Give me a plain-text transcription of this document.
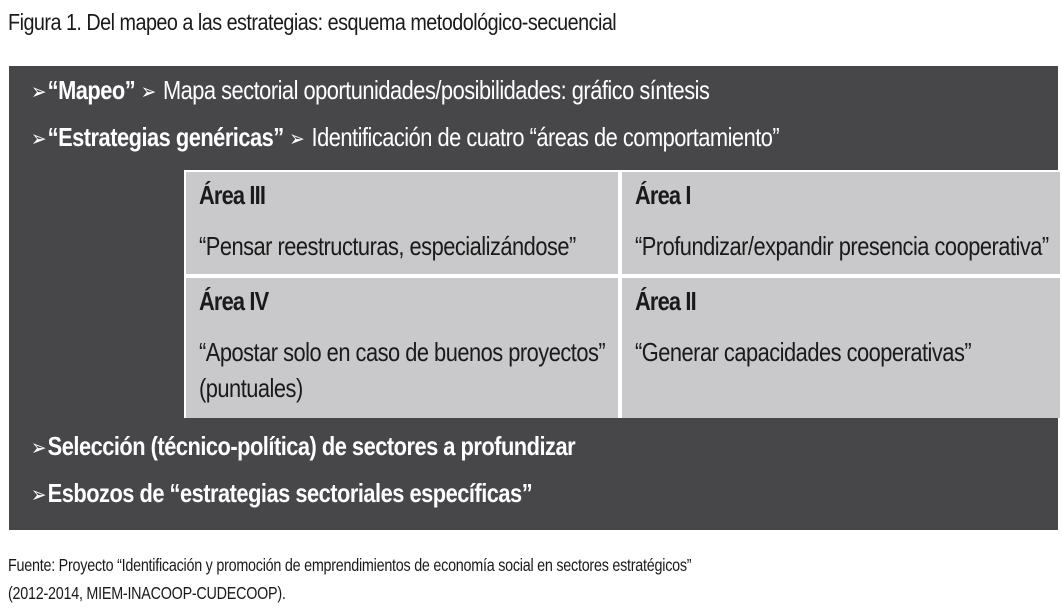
Figura 1. Del mapeo a las estrategias: esquema metodológico-secuencial
➢“Mapeo” ➢ Mapa sectorial oportunidades/posibilidades: gráfico síntesis
➢“Estrategias genéricas” ➢ Identificación de cuatro “áreas de comportamiento”
Área III
“Pensar reestructuras, especializándose”
Área I
“Profundizar/expandir presencia cooperativa”
Área IV
“Apostar solo en caso de buenos proyectos”
(puntuales)
Área II
“Generar capacidades cooperativas”
➢Selección (técnico-política) de sectores a profundizar
➢Esbozos de “estrategias sectoriales específicas”
Fuente: Proyecto “Identificación y promoción de emprendimientos de economía social en sectores estratégicos”
(2012-2014, MIEM-INACOOP-CUDECOOP).
